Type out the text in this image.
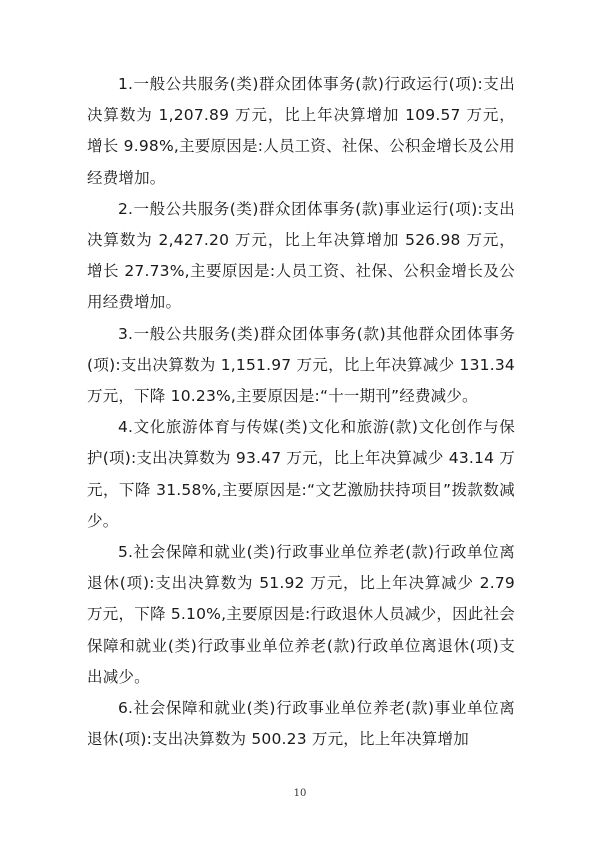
1.一般公共服务(类)群众团体事务(款)行政运行(项):支出决算数为 1,207.89 万元，比上年决算增加 109.57 万元，增长 9.98%,主要原因是:人员工资、社保、公积金增长及公用经费增加。

2.一般公共服务(类)群众团体事务(款)事业运行(项):支出决算数为 2,427.20 万元，比上年决算增加 526.98 万元，增长 27.73%,主要原因是:人员工资、社保、公积金增长及公用经费增加。

3.一般公共服务(类)群众团体事务(款)其他群众团体事务(项):支出决算数为 1,151.97 万元，比上年决算减少 131.34 万元，下降 10.23%,主要原因是:“十一期刊”经费减少。

4.文化旅游体育与传媒(类)文化和旅游(款)文化创作与保护(项):支出决算数为 93.47 万元，比上年决算减少 43.14 万元，下降 31.58%,主要原因是:“文艺激励扶持项目”拨款数减少。

5.社会保障和就业(类)行政事业单位养老(款)行政单位离退休(项):支出决算数为 51.92 万元，比上年决算减少 2.79 万元，下降 5.10%,主要原因是:行政退休人员减少，因此社会保障和就业(类)行政事业单位养老(款)行政单位离退休(项)支出减少。

6.社会保障和就业(类)行政事业单位养老(款)事业单位离退休(项):支出决算数为 500.23 万元，比上年决算增加

10
